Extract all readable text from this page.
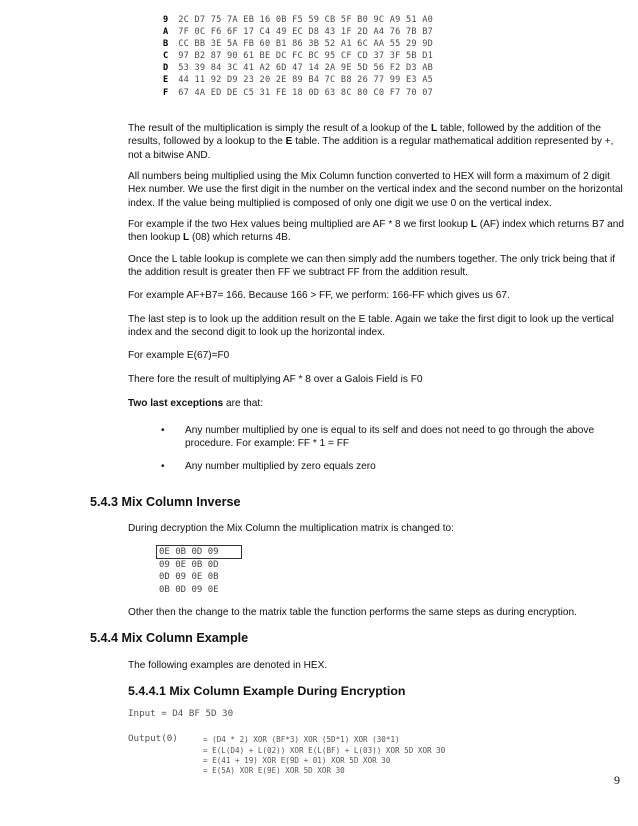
9 2C D7 75 7A EB 16 0B F5 59 CB 5F B0 9C A9 51 A0
A 7F 0C F6 6F 17 C4 49 EC D8 43 1F 2D A4 76 7B B7
B CC BB 3E 5A FB 60 B1 86 3B 52 A1 6C AA 55 29 9D
C 97 B2 87 90 61 BE DC FC BC 95 CF CD 37 3F 5B D1
D 53 39 84 3C 41 A2 6D 47 14 2A 9E 5D 56 F2 D3 AB
E 44 11 92 D9 23 20 2E 89 B4 7C B8 26 77 99 E3 A5
F 67 4A ED DE C5 31 FE 18 0D 63 8C 80 C0 F7 70 07
The result of the multiplication is simply the result of a lookup of the L table, followed by the addition of the results, followed by a lookup to the E table. The addition is a regular mathematical addition represented by +, not a bitwise AND.
All numbers being multiplied using the Mix Column function converted to HEX will form a maximum of 2 digit Hex number. We use the first digit in the number on the vertical index and the second number on the horizontal index. If the value being multiplied is composed of only one digit we use 0 on the vertical index.
For example if the two Hex values being multiplied are AF * 8 we first lookup L (AF) index which returns B7 and then lookup L (08) which returns 4B.
Once the L table lookup is complete we can then simply add the numbers together. The only trick being that if the addition result is greater then FF we subtract FF from the addition result.
For example AF+B7= 166. Because 166 > FF, we perform: 166-FF which gives us 67.
The last step is to look up the addition result on the E table. Again we take the first digit to look up the vertical index and the second digit to look up the horizontal index.
For example E(67)=F0
There fore the result of multiplying AF * 8 over a Galois Field is F0
Two last exceptions are that:
• Any number multiplied by one is equal to its self and does not need to go through the above procedure. For example: FF * 1 = FF
• Any number multiplied by zero equals zero
5.4.3 Mix Column Inverse
During decryption the Mix Column the multiplication matrix is changed to:
0E 0B 0D 09
09 0E 0B 0D
0D 09 0E 0B
0B 0D 09 0E
Other then the change to the matrix table the function performs the same steps as during encryption.
5.4.4 Mix Column Example
The following examples are denoted in HEX.
5.4.4.1 Mix Column Example During Encryption
Input = D4 BF 5D 30
Output(0)	= (D4 * 2) XOR (BF*3) XOR (5D*1) XOR (30*1)
= E(L(D4) + L(02)) XOR E(L(BF) + L(03)) XOR 5D XOR 30
= E(41 + 19) XOR E(9D + 01) XOR 5D XOR 30
= E(5A) XOR E(9E) XOR 5D XOR 30
9
